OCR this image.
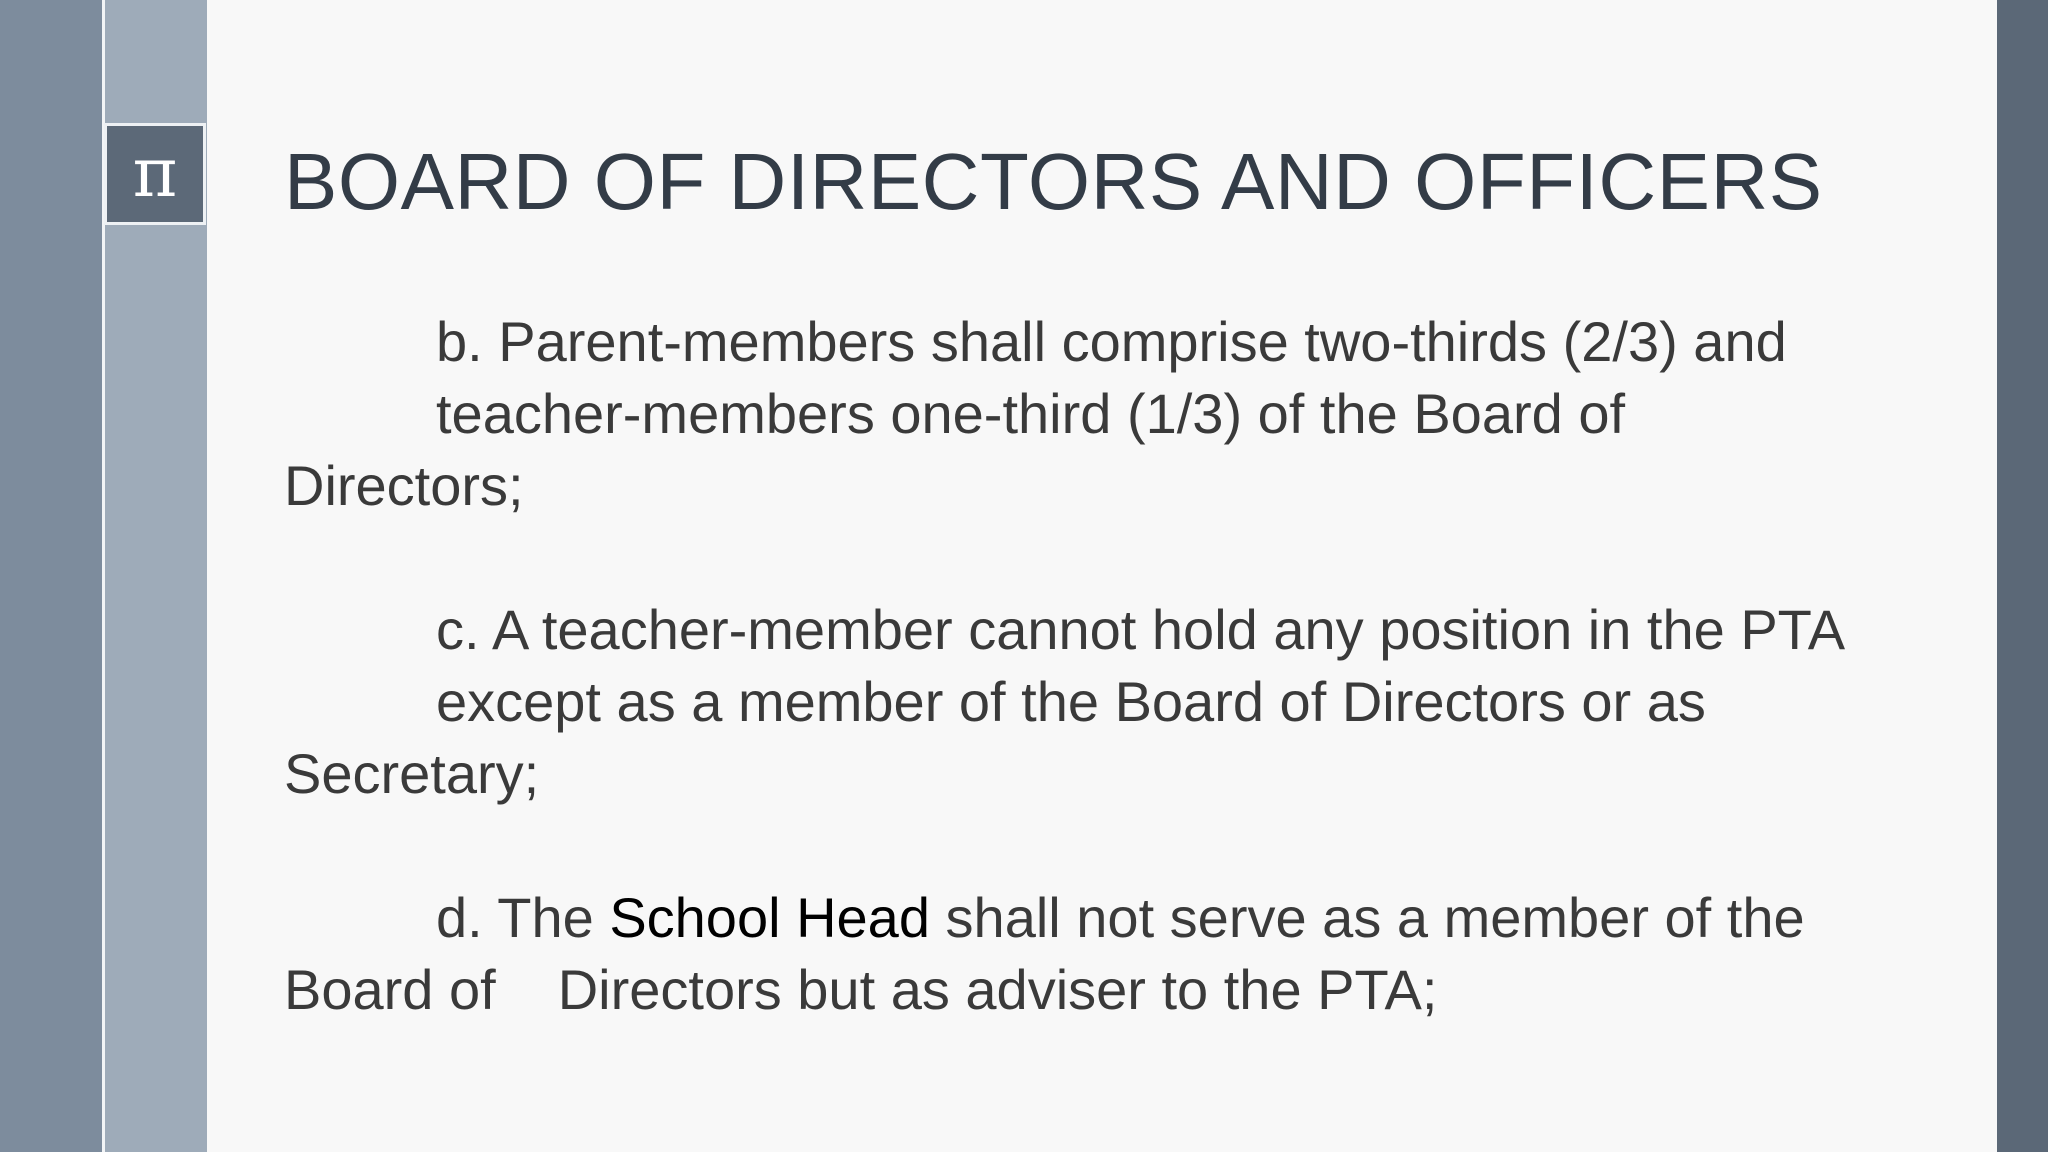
π BOARD OF DIRECTORS AND OFFICERS

b. Parent-members shall comprise two-thirds (2/3) and
teacher-members one-third (1/3) of the Board of
Directors;

c. A teacher-member cannot hold any position in the PTA
except as a member of the Board of Directors or as
Secretary;

d. The School Head shall not serve as a member of the
Board of Directors but as adviser to the PTA;
